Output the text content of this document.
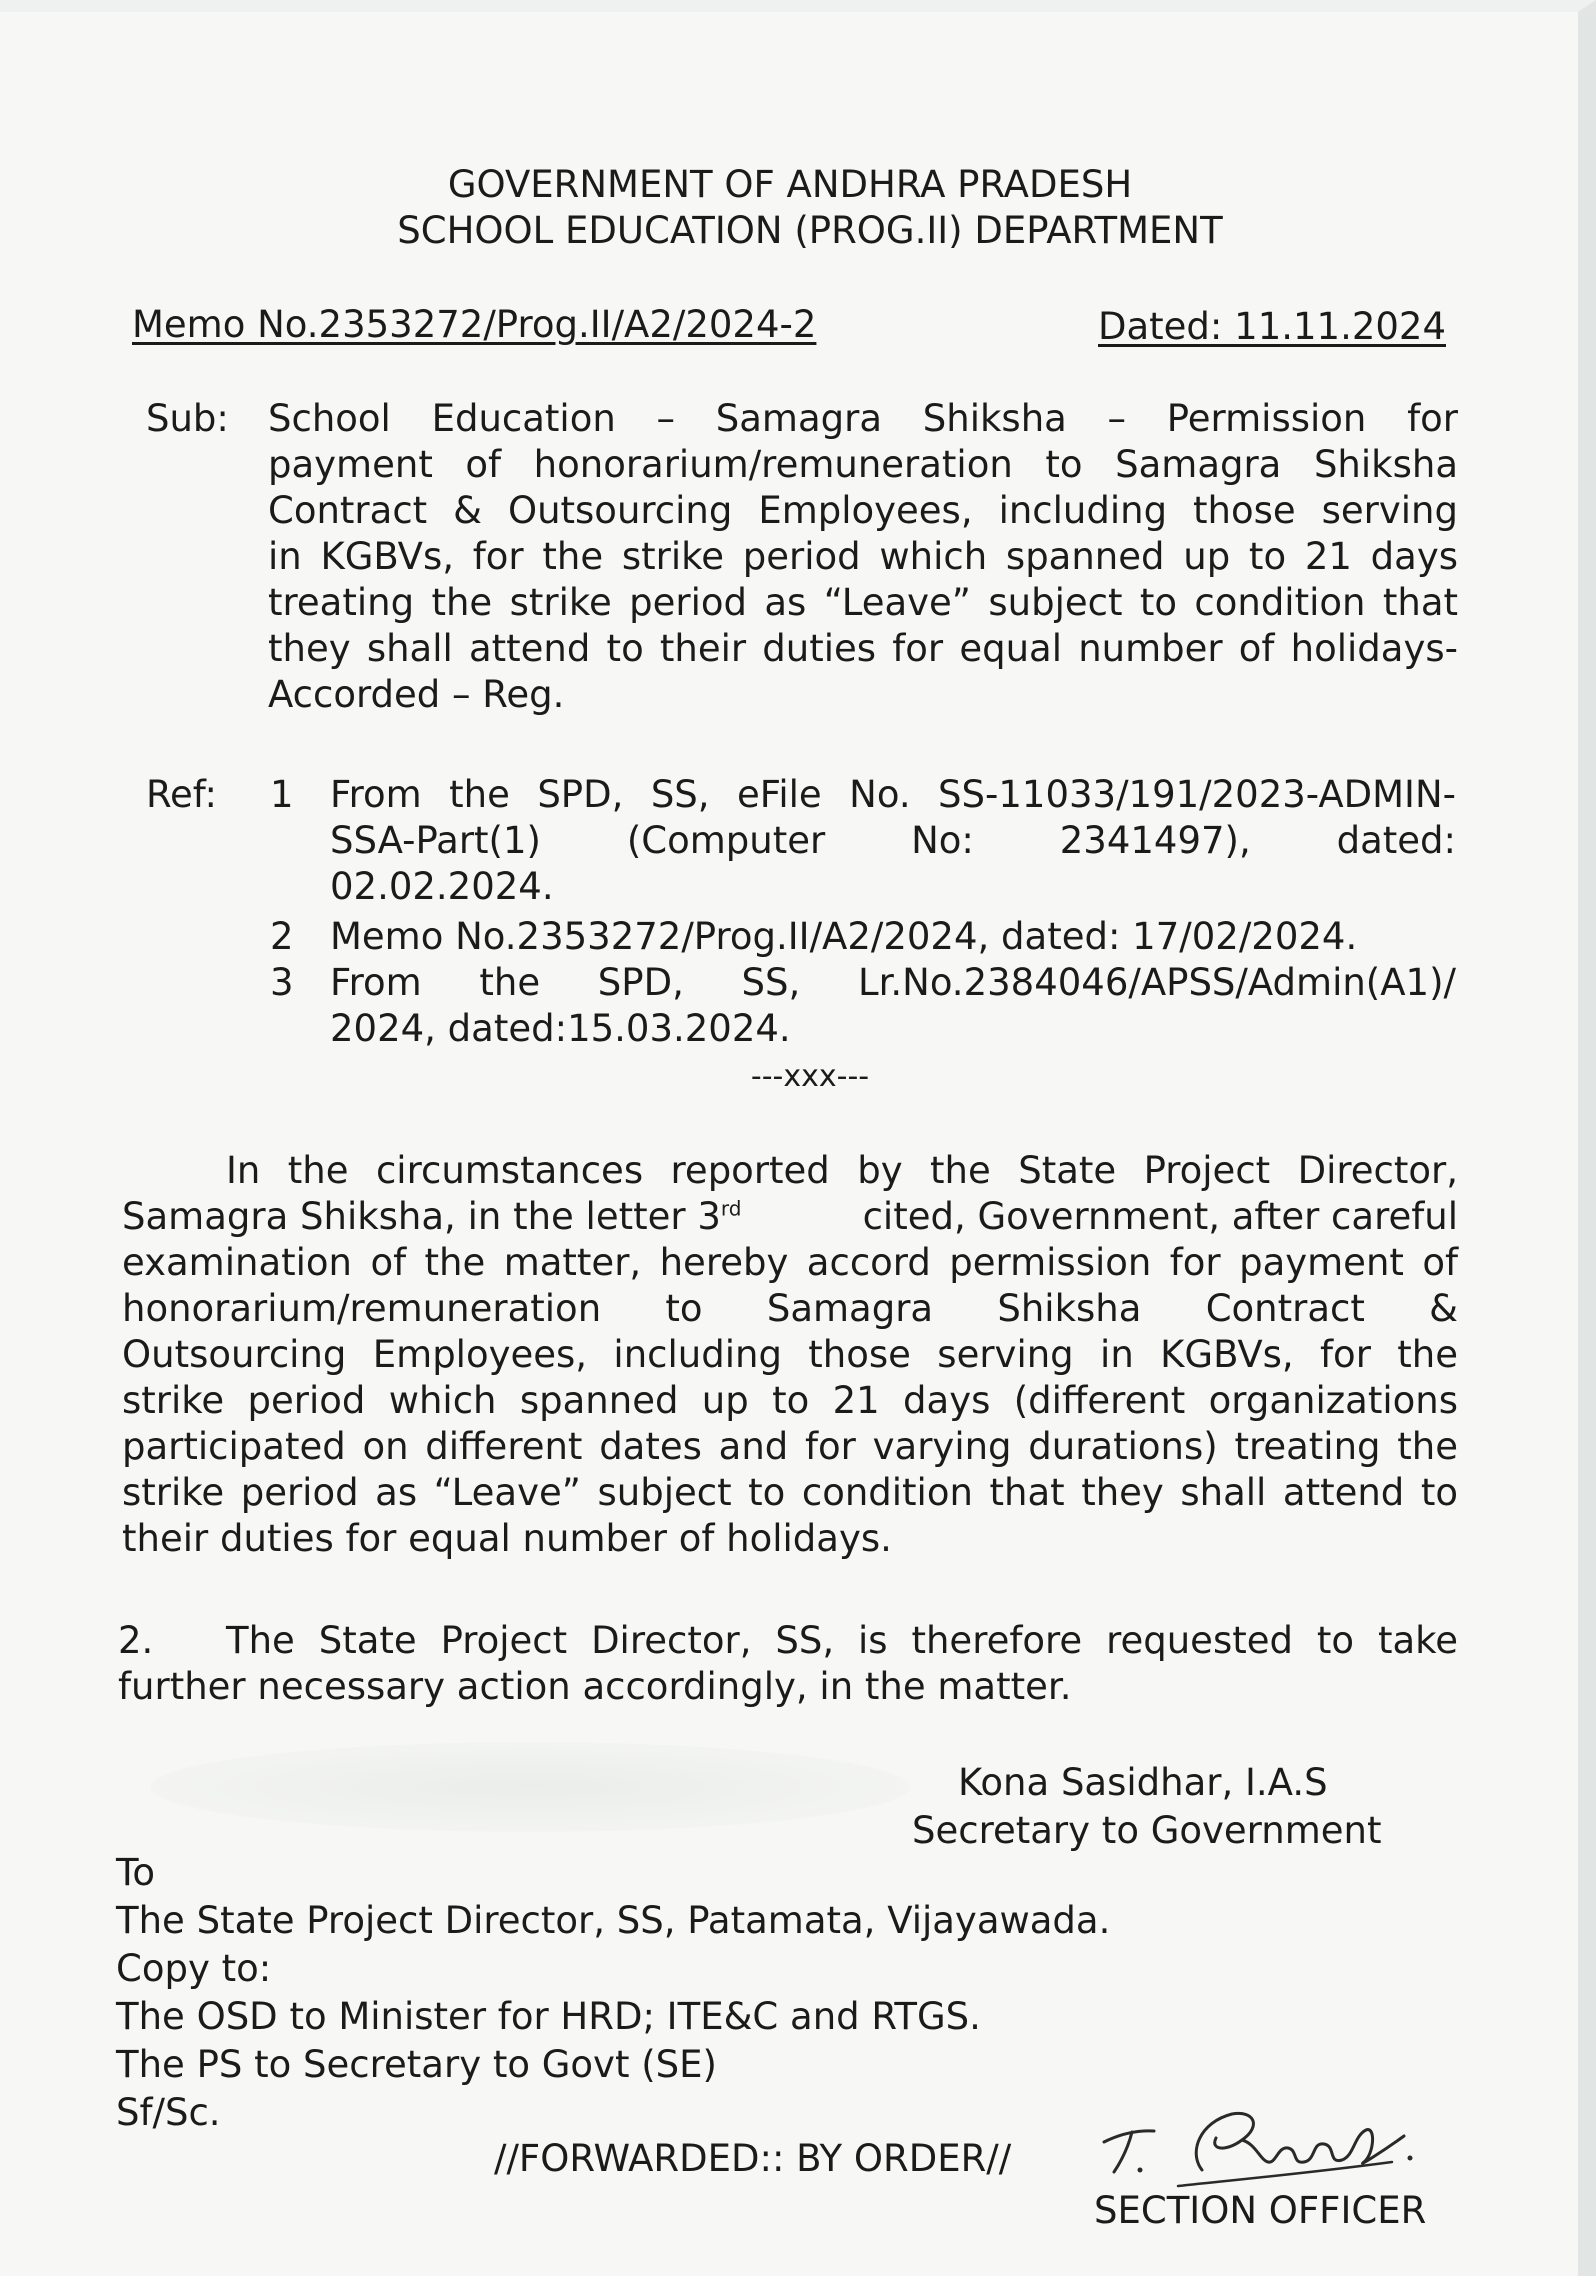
GOVERNMENT OF ANDHRA PRADESH
SCHOOL EDUCATION (PROG.II) DEPARTMENT
Memo No.2353272/Prog.II/A2/2024-2	Dated: 11.11.2024
Sub: School Education – Samagra Shiksha – Permission for
payment of honorarium/remuneration to Samagra Shiksha
Contract & Outsourcing Employees, including those serving
in KGBVs, for the strike period which spanned up to 21 days
treating the strike period as “Leave” subject to condition that
they shall attend to their duties for equal number of holidays-
Accorded – Reg.
Ref: 1 From the SPD, SS, eFile No. SS-11033/191/2023-ADMIN-
SSA-Part(1) (Computer No: 2341497), dated:
02.02.2024.
2 Memo No.2353272/Prog.II/A2/2024, dated: 17/02/2024.
3 From the SPD, SS, Lr.No.2384046/APSS/Admin(A1)/
2024, dated:15.03.2024.
---xxx---
In the circumstances reported by the State Project Director,
Samagra Shiksha, in the letter 3rd	cited, Government, after careful
examination of the matter, hereby accord permission for payment of
honorarium/remuneration to Samagra Shiksha Contract &
Outsourcing Employees, including those serving in KGBVs, for the
strike period which spanned up to 21 days (different organizations
participated on different dates and for varying durations) treating the
strike period as “Leave” subject to condition that they shall attend to
their duties for equal number of holidays.
2. The State Project Director, SS, is therefore requested to take
further necessary action accordingly, in the matter.
Kona Sasidhar, I.A.S
Secretary to Government
To
The State Project Director, SS, Patamata, Vijayawada.
Copy to:
The OSD to Minister for HRD; ITE&C and RTGS.
The PS to Secretary to Govt (SE)
Sf/Sc.
//FORWARDED:: BY ORDER//
SECTION OFFICER
